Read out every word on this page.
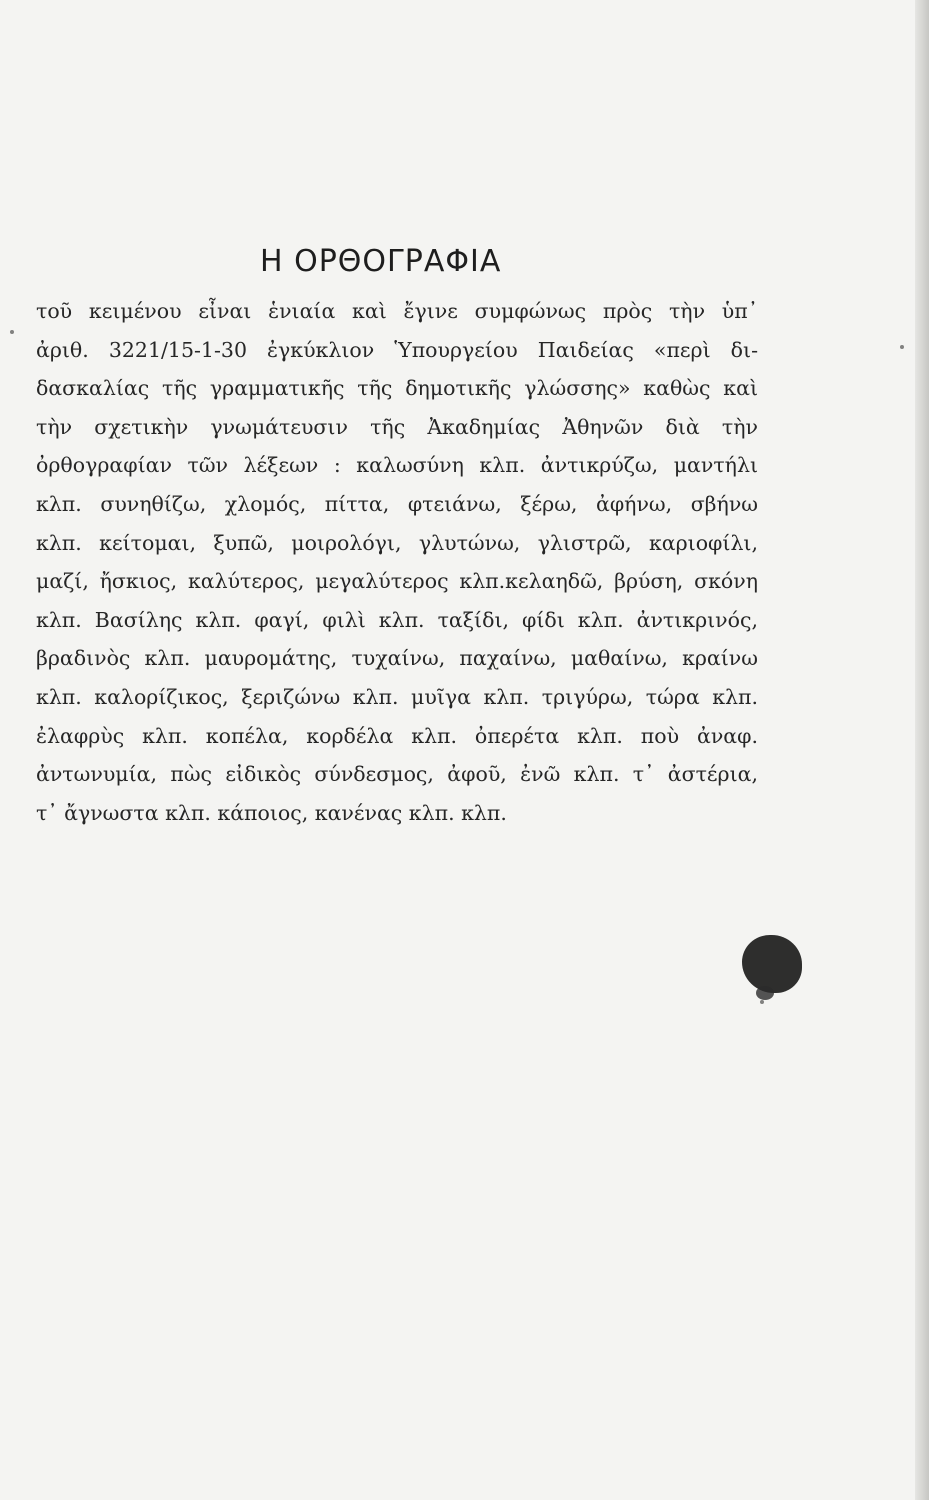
Η ΟΡΘΟΓΡΑΦΙΑ
τοῦ κειμένου εἶναι ἑνιαία καὶ ἔγινε συμφώνως πρὸς τὴν ὑπ᾽
ἀριθ. 3221/15-1-30 ἐγκύκλιον Ὑπουργείου Παιδείας «περὶ δι-
δασκαλίας τῆς γραμματικῆς τῆς δημοτικῆς γλώσσης» καθὼς καὶ
τὴν σχετικὴν γνωμάτευσιν τῆς Ἀκαδημίας Ἀθηνῶν διὰ τὴν
ὀρθογραφίαν τῶν λέξεων : καλωσύνη κλπ. ἀντικρύζω, μαντήλι
κλπ. συνηθίζω, χλομός, πίττα, φτειάνω, ξέρω, ἀφήνω, σβήνω
κλπ. κείτομαι, ξυπῶ, μοιρολόγι, γλυτώνω, γλιστρῶ, καριοφίλι,
μαζί, ἤσκιος, καλύτερος, μεγαλύτερος κλπ.κελαηδῶ, βρύση, σκόνη
κλπ. Βασίλης κλπ. φαγί, φιλὶ κλπ. ταξίδι, φίδι κλπ. ἀντικρινός,
βραδινὸς κλπ. μαυρομάτης, τυχαίνω, παχαίνω, μαθαίνω, κραίνω
κλπ. καλορίζικος, ξεριζώνω κλπ. μυῖγα κλπ. τριγύρω, τώρα κλπ.
ἐλαφρὺς κλπ. κοπέλα, κορδέλα κλπ. ὀπερέτα κλπ. ποὺ ἀναφ.
ἀντωνυμία, πὼς εἰδικὸς σύνδεσμος, ἀφοῦ, ἐνῶ κλπ. τ᾽ ἀστέρια,
τ᾽ ἄγνωστα κλπ. κάποιος, κανένας κλπ. κλπ.
